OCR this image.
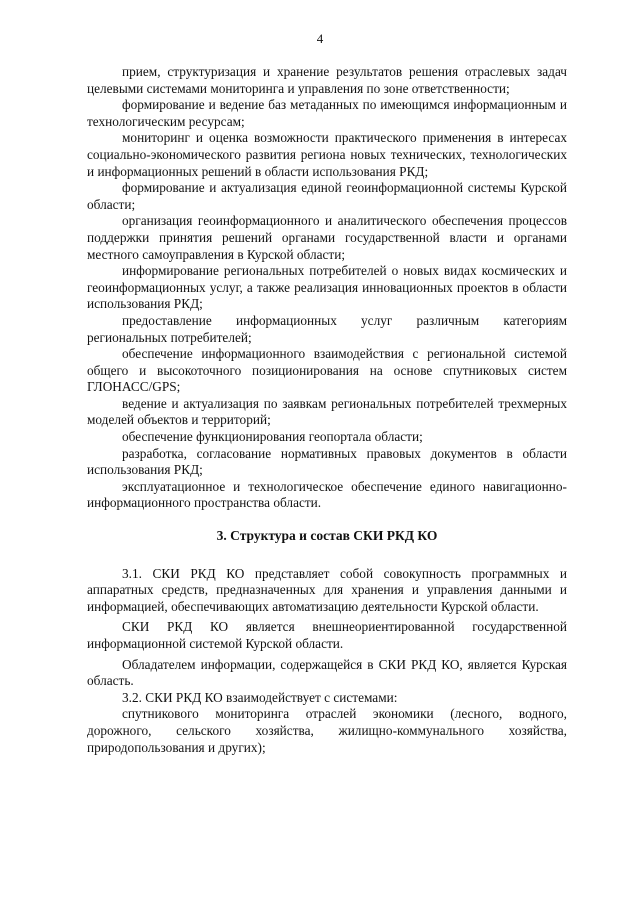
4

прием, структуризация и хранение результатов решения отраслевых задач целевыми системами мониторинга и управления по зоне ответственности;

формирование и ведение баз метаданных по имеющимся информационным и технологическим ресурсам;

мониторинг и оценка возможности практического применения в интересах социально-экономического развития региона новых технических, технологических и информационных решений в области использования РКД;

формирование и актуализация единой геоинформационной системы Курской области;

организация геоинформационного и аналитического обеспечения процессов поддержки принятия решений органами государственной власти и органами местного самоуправления в Курской области;

информирование региональных потребителей о новых видах космических и геоинформационных услуг, а также реализация инновационных проектов в области использования РКД;

предоставление информационных услуг различным категориям региональных потребителей;

обеспечение информационного взаимодействия с региональной системой общего и высокоточного позиционирования на основе спутниковых систем ГЛОНАСС/GPS;

ведение и актуализация по заявкам региональных потребителей трехмерных моделей объектов и территорий;

обеспечение функционирования геопортала области;

разработка, согласование нормативных правовых документов в области использования РКД;

эксплуатационное и технологическое обеспечение единого навигационно-информационного пространства области.

3. Структура и состав СКИ РКД КО

3.1. СКИ РКД КО представляет собой совокупность программных и аппаратных средств, предназначенных для хранения и управления данными и информацией, обеспечивающих автоматизацию деятельности Курской области.

СКИ РКД КО является внешнеориентированной государственной информационной системой Курской области.

Обладателем информации, содержащейся в СКИ РКД КО, является Курская область.

3.2. СКИ РКД КО взаимодействует с системами:

спутникового мониторинга отраслей экономики (лесного, водного, дорожного, сельского хозяйства, жилищно-коммунального хозяйства, природопользования и других);
